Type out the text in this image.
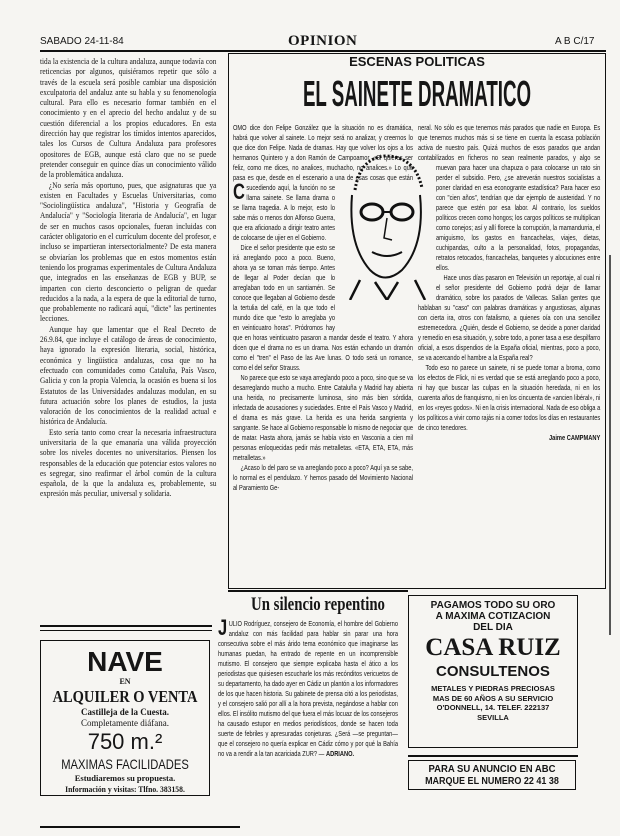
SABADO 24-11-84	OPINION	A B C/17

tida la existencia de la cultura andaluza, aunque todavía con reticencias por algunos, quisiéramos repetir que sólo a través de la escuela será posible cambiar una disposición exculpatoria del andaluz ante su habla y su fenomenología cultural. Para ello es necesario formar también en el conocimiento y en el aprecio del hecho andaluz y de su cuestión diferencial a los propios educadores. En esta dirección hay que registrar los tímidos intentos aparecidos, tales los Cursos de Cultura Andaluza para profesores opositores de EGB, aunque está claro que no se puede pretender conseguir en quince días un conocimiento válido de la problemática andaluza.

¿No sería más oportuno, pues, que asignaturas que ya existen en Facultades y Escuelas Universitarias, como "Sociolingüística andaluza", "Historia y Geografía de Andalucía" y "Sociología literaria de Andalucía", en lugar de ser en muchos casos opcionales, fueran incluidas con carácter obligatorio en el currículum docente del profesor, e incluso se impartieran intersectorialmente? De esta manera se obviarían los problemas que en estos momentos están teniendo los programas experimentales de Cultura Andaluza que, integrados en las enseñanzas de EGB y BUP, se imparten con cierto desconcierto o peligran de quedar reducidos a la nada, a la espera de que la editorial de turno, que probablemente no radicará aquí, "dicte" las pertinentes lecciones.

Aunque hay que lamentar que el Real Decreto de 26.9.84, que incluye el catálogo de áreas de conocimiento, haya ignorado la expresión literaria, social, histórica, económica y lingüística andaluzas, cosa que no ha efectuado con comunidades como Cataluña, País Vasco, Galicia y con la propia Valencia, la ocasión es buena si los Estatutos de las Universidades andaluzas modulan, en su futura actuación sobre los planes de estudios, la justa valoración de los conocimientos de la realidad actual e histórica de Andalucía.

Esto sería tanto como crear la necesaria infraestructura universitaria de la que emanaría una válida proyección sobre los niveles docentes no universitarios. Piensen los responsables de la educación que potenciar estos valores no es segregar, sino reafirmar el árbol común de la cultura española, de la que la andaluza es, probablemente, su expresión más peculiar, universal y solidaria.

ESCENAS POLITICAS
EL SAINETE DRAMATICO

C
OMO dice don Felipe González que la situación no es dramática, habrá que volver al sainete. Lo mejor será no analizar, y creernos lo que dice don Felipe. Nada de dramas. Hay que volver los ojos a los hermanos Quintero y a don Ramón de Campoamor. «Si quieres ser feliz, como me dices, no analices, muchacho, no analices.» Lo que pasa es que, desde en el escenario a una de esas cosas que están sucediendo aquí, la función no se llama sainete. Se llama drama o se llama tragedia. A lo mejor, esto lo sabe más o menos don Alfonso Guerra, que era aficionado a dirigir teatro antes de colocarse de ujier en el Gobierno.

Dice el señor presidente que esto se irá arreglando poco a poco. Bueno, ahora ya se toman más tiempo. Antes de llegar al Poder decían que lo arreglaban todo en un santiamén. Se conoce que llegaban al Gobierno desde la tertulia del café, en la que todo el mundo dice que "esto lo arreglaba yo en veinticuatro horas". Pródromos hay que en horas veinticuatro pasaron a mandar desde el teatro. Y ahora dicen que el drama no es un drama. Nos están echando un dramón como el "tren" el Paso de las Ave lunas. O todo será un romance, como el del señor Strauss.

No parece que esto se vaya arreglando poco a poco, sino que se va desarreglando mucho a mucho. Entre Cataluña y Madrid hay abierta una herida, no precisamente luminosa, sino más bien sórdida, infectada de acusaciones y suciedades. Entre el País Vasco y Madrid, el drama es más grave. La herida es una herida sangrienta y sangrante. Se hace al Gobierno responsable lo mismo de negociar que de matar. Hasta ahora, jamás se había visto en Vasconia a cien mil personas enloquecidas pedir más metralletas. «ETA, ETA, ETA, más metralletas.»

¿Acaso lo del paro se va arreglando poco a poco? Aquí ya se sabe, lo normal es el pendulazo. Y hemos pasado del Movimiento Nacional al Paramiento Ge-

neral. No sólo es que tenemos más parados que nadie en Europa. Es que tenemos muchos más si se tiene en cuenta la escasa población activa de nuestro país. Quizá muchos de esos parados que andan contabilizados en ficheros no sean realmente parados, y algo se muevan para hacer una chapuza o para colocarse un rato sin perder el subsidio. Pero, ¿se atreverán nuestros socialistas a poner claridad en esa econogrante estadística? Para hacer eso con "cien años", tendrían que dar ejemplo de austeridad. Y no parece que estén por esa labor. Al contrario, los sueldos políticos crecen como hongos; los cargos políticos se multiplican como conejos; así y allí florece la corrupción, la mamandurria, el amiguismo, los gastos en francachelas, viajes, dietas, cuchipandas, culto a la personalidad, fotos, propagandas, retratos retocados, francachelas, banquetes y alocuciones entre ellos.

Hace unos días pasaron en Televisión un reportaje, al cual ni el señor presidente del Gobierno podrá dejar de llamar dramático, sobre los parados de Vallecas. Salían gentes que hablaban su "caso" con palabras dramáticas y angustiosas, algunas con cierta ira, otros con fatalismo, a quienes oía con una sencillez estremecedora. ¿Quién, desde el Gobierno, se decide a poner claridad y remedio en esa situación, y, sobre todo, a poner tasa a ese despilfarro oficial, a esos dispendios de la España oficial, mientras, poco a poco, se va acercando el hambre a la España real?

Todo eso no parece un sainete, ni se puede tomar a broma, como los efectos de Flick, ni es verdad que se está arreglando poco a poco, ni hay que buscar las culpas en la situación heredada, ni en los cuarenta años de franquismo, ni en los cincuenta de «ancien libéral», ni en los «reyes godos». Ni en la crisis internacional. Nada de eso obliga a los políticos a vivir como rajás ni a comer todos los días en restaurantes de cinco tenedores.

Jaime CAMPMANY

Un silencio repentino

JULIO Rodríguez, consejero de Economía, el hombre del Gobierno andaluz con más facilidad para hablar sin parar una hora consecutiva sobre el más árido tema económico que imaginarse las humanas puedan, ha entrado de repente en un incomprensible mutismo. El consejero que siempre explicaba hasta el ático a los periodistas que quisiesen escucharle los más recónditos vericuetos de su departamento, ha dado ayer en Cádiz un plantón a los informadores de los que hacen historia. Su gabinete de prensa citó a los periodistas, y el consejero salió por allí a la hora prevista, negándose a hablar con ellos. El insólito mutismo del que fuera el más locuaz de los consejeros ha causado estupor en medios periodísticos, donde se hacen toda suerte de febriles y apresuradas conjeturas. ¿Será —se preguntan— que el consejero no quería explicar en Cádiz cómo y por qué la Bahía no va a rendir a la tan acariciada ZUR? — ADRIANO.

NAVE
EN
ALQUILER O VENTA
Castilleja de la Cuesta.
Completamente diáfana.
750 m.²
MAXIMAS FACILIDADES
Estudiaremos su propuesta.
Información y visitas: Tlfno. 383158.
PAGAMOS TODO SU ORO
A MAXIMA COTIZACION
DEL DIA
CASA RUIZ
CONSULTENOS
METALES Y PIEDRAS PRECIOSAS
MAS DE 60 AÑOS A SU SERVICIO
O'DONNELL, 14. TELEF. 222137
SEVILLA
PARA SU ANUNCIO EN ABC
MARQUE EL NUMERO 22 41 38
